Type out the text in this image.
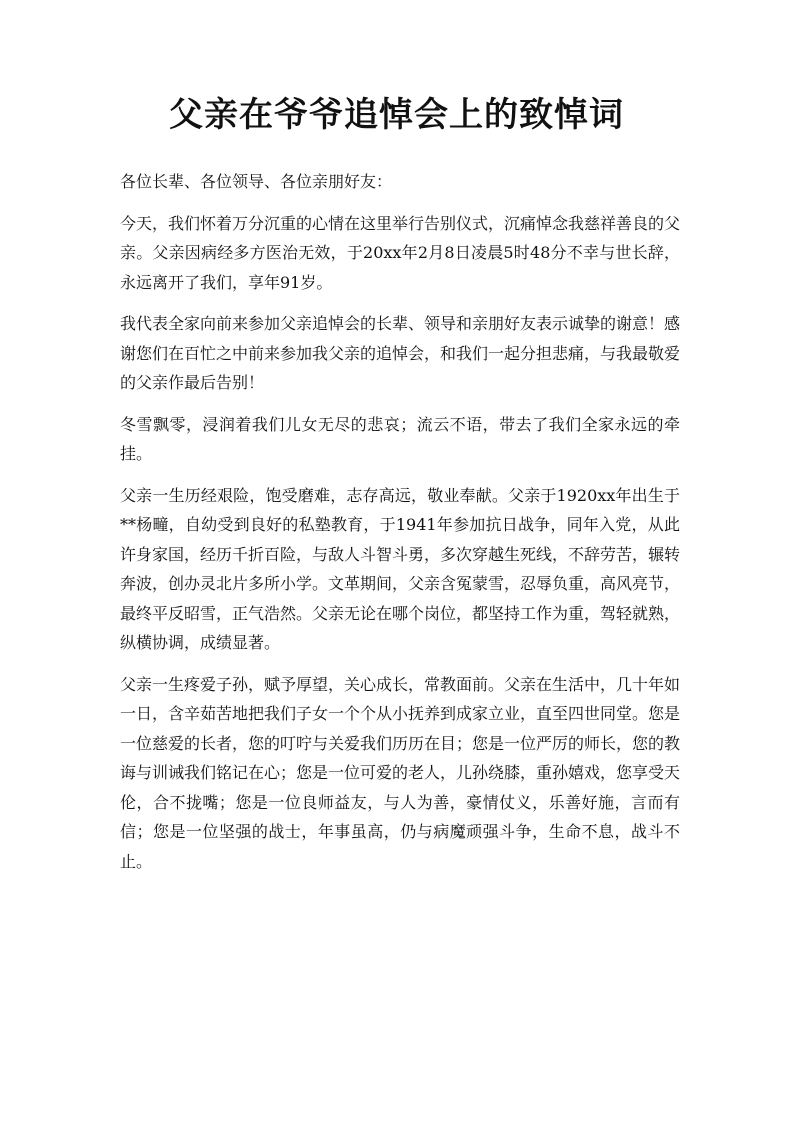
父亲在爷爷追悼会上的致悼词

各位长辈、各位领导、各位亲朋好友：

今天，我们怀着万分沉重的心情在这里举行告别仪式，沉痛悼念我慈祥善良的父亲。父亲因病经多方医治无效，于20xx年2月8日凌晨5时48分不幸与世长辞，永远离开了我们，享年91岁。

我代表全家向前来参加父亲追悼会的长辈、领导和亲朋好友表示诚挚的谢意！感谢您们在百忙之中前来参加我父亲的追悼会，和我们一起分担悲痛，与我最敬爱的父亲作最后告别！

冬雪飘零，浸润着我们儿女无尽的悲哀；流云不语，带去了我们全家永远的牵挂。

父亲一生历经艰险，饱受磨难，志存高远，敬业奉献。父亲于1920xx年出生于**杨疃，自幼受到良好的私塾教育，于1941年参加抗日战争，同年入党，从此许身家国，经历千折百险，与敌人斗智斗勇，多次穿越生死线，不辞劳苦，辗转奔波，创办灵北片多所小学。文革期间，父亲含冤蒙雪，忍辱负重，高风亮节，最终平反昭雪，正气浩然。父亲无论在哪个岗位，都坚持工作为重，驾轻就熟，纵横协调，成绩显著。

父亲一生疼爱子孙，赋予厚望，关心成长，常教面前。父亲在生活中，几十年如一日，含辛茹苦地把我们子女一个个从小抚养到成家立业，直至四世同堂。您是一位慈爱的长者，您的叮咛与关爱我们历历在目；您是一位严厉的师长，您的教诲与训诫我们铭记在心；您是一位可爱的老人，儿孙绕膝，重孙嬉戏，您享受天伦，合不拢嘴；您是一位良师益友，与人为善，豪情仗义，乐善好施，言而有信；您是一位坚强的战士，年事虽高，仍与病魔顽强斗争，生命不息，战斗不止。
